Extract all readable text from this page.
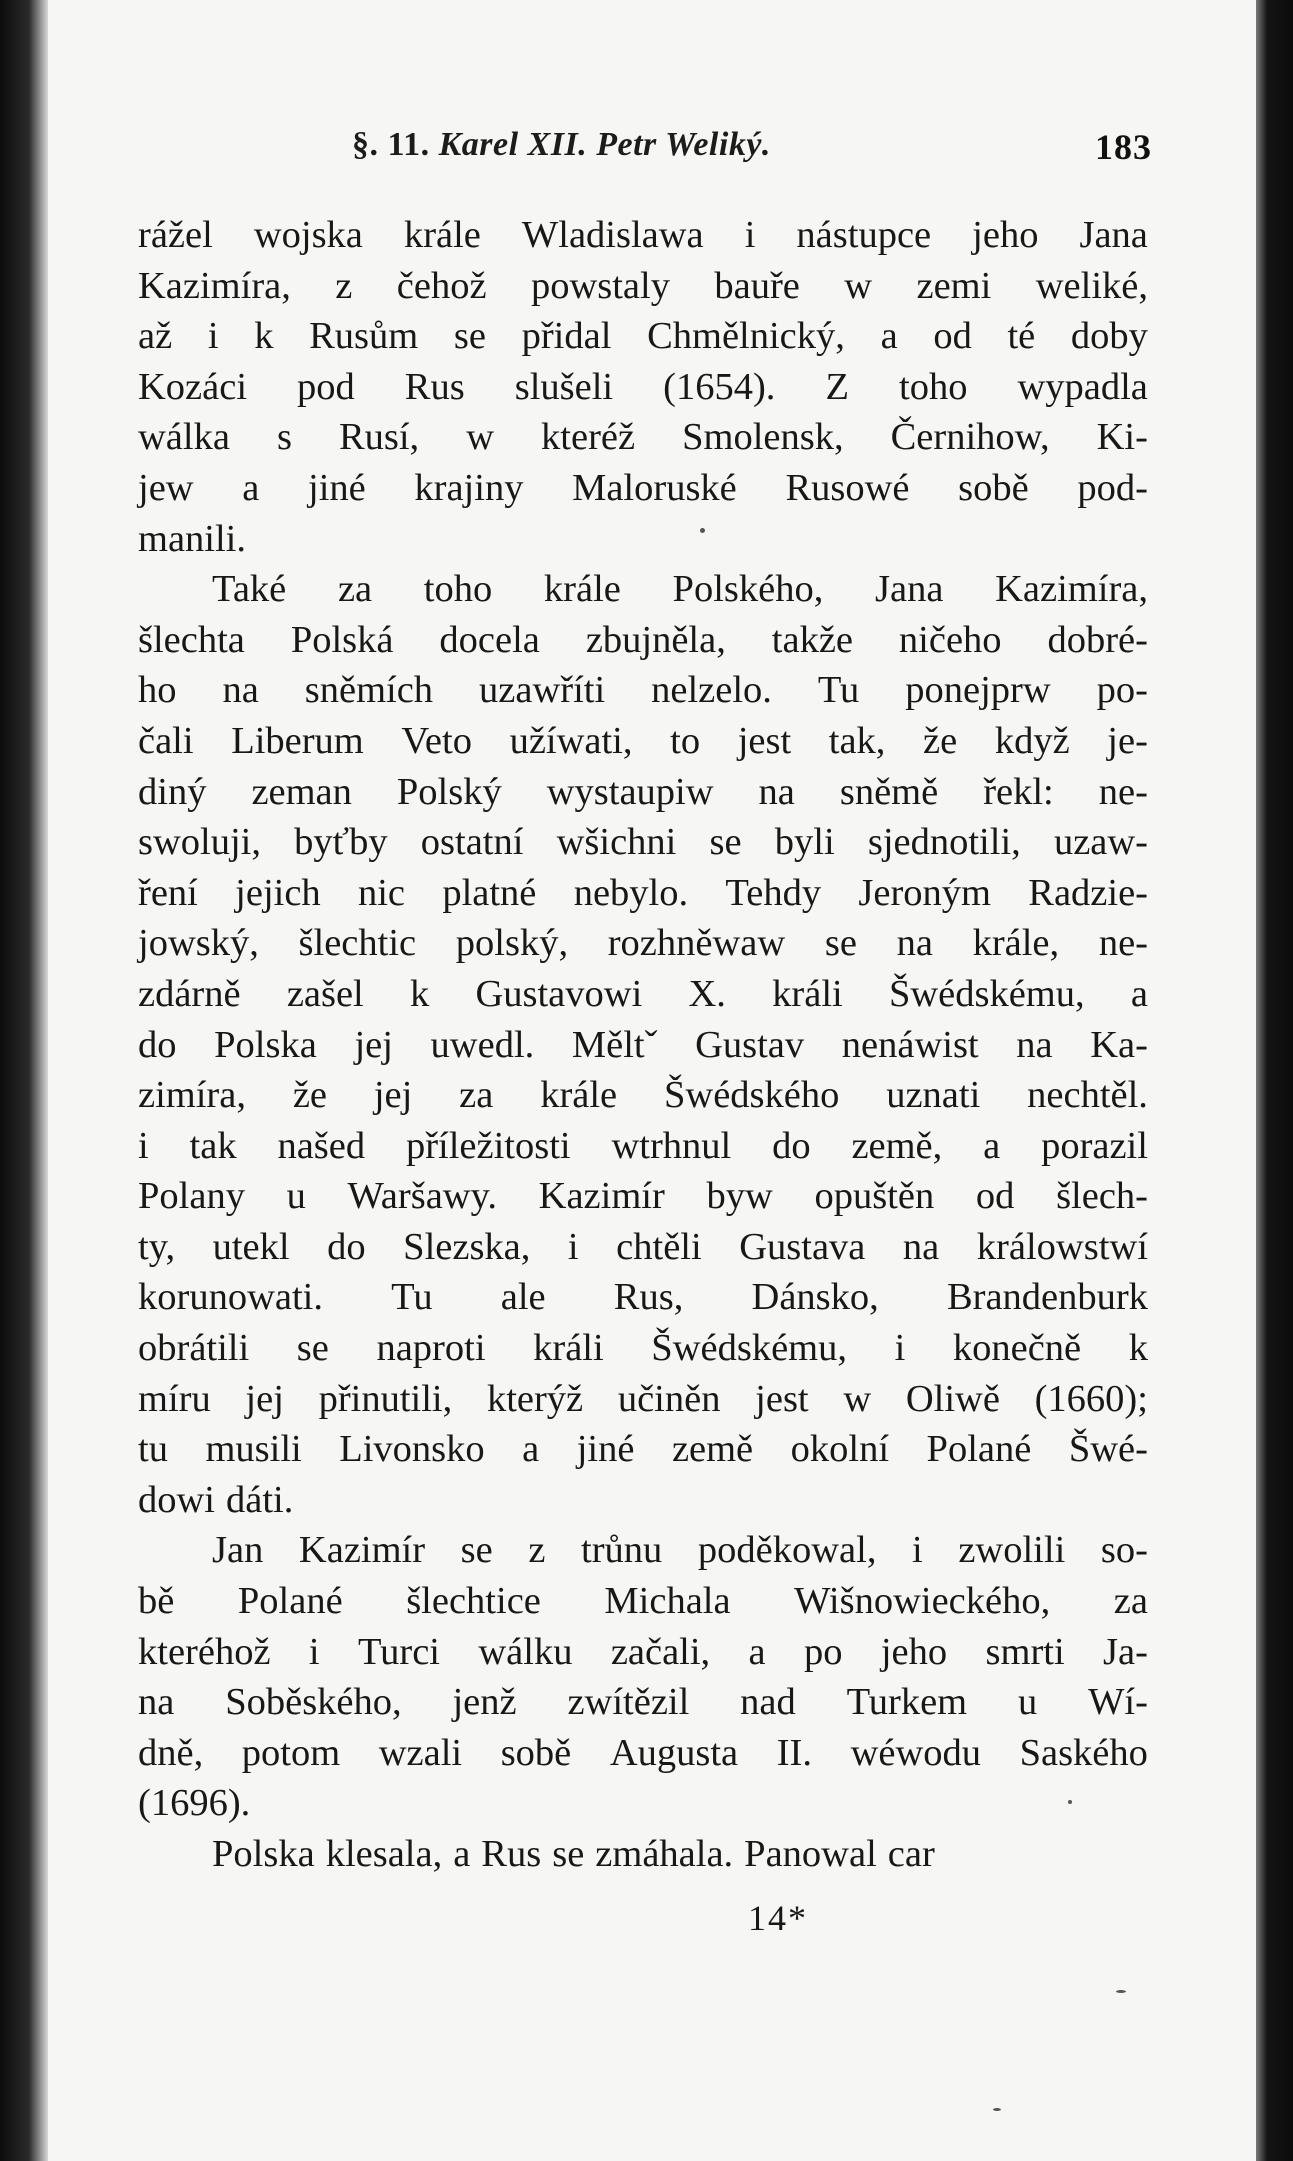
§. 11. Karel XII. Petr Weliký.	183
rážel wojska krále Wladislawa i nástupce jeho Jana
Kazimíra, z čehož powstaly bauře w zemi weliké,
až i k Rusům se přidal Chmělnický, a od té doby
Kozáci pod Rus slušeli (1654). Z toho wypadla
wálka s Rusí, w kteréž Smolensk, Černihow, Ki-
jew a jiné krajiny Maloruské Rusowé sobě pod-
manili.
Také za toho krále Polského, Jana Kazimíra,
šlechta Polská docela zbujněla, takže ničeho dobré-
ho na sněmích uzawříti nelzelo. Tu ponejprw po-
čali Liberum Veto užíwati, to jest tak, že když je-
diný zeman Polský wystaupiw na sněmě řekl: ne-
swoluji, byťby ostatní wšichni se byli sjednotili, uzaw-
ření jejich nic platné nebylo. Tehdy Jeroným Radzie-
jowský, šlechtic polský, rozhněwaw se na krále, ne-
zdárně zašel k Gustavowi X. králi Šwédskému, a
do Polska jej uwedl. Měltˇ Gustav nenáwist na Ka-
zimíra, že jej za krále Šwédského uznati nechtěl.
i tak našed příležitosti wtrhnul do země, a porazil
Polany u Waršawy. Kazimír byw opuštěn od šlech-
ty, utekl do Slezska, i chtěli Gustava na králowstwí
korunowati. Tu ale Rus, Dánsko, Brandenburk
obrátili se naproti králi Šwédskému, i konečně k
míru jej přinutili, kterýž učiněn jest w Oliwě (1660);
tu musili Livonsko a jiné země okolní Polané Šwé-
dowi dáti.
Jan Kazimír se z trůnu poděkowal, i zwolili so-
bě Polané šlechtice Michala Wišnowieckého, za
kteréhož i Turci wálku začali, a po jeho smrti Ja-
na Soběského, jenž zwítězil nad Turkem u Wí-
dně, potom wzali sobě Augusta II. wéwodu Saského
(1696).
Polska klesala, a Rus se zmáhala. Panowal car
14*
